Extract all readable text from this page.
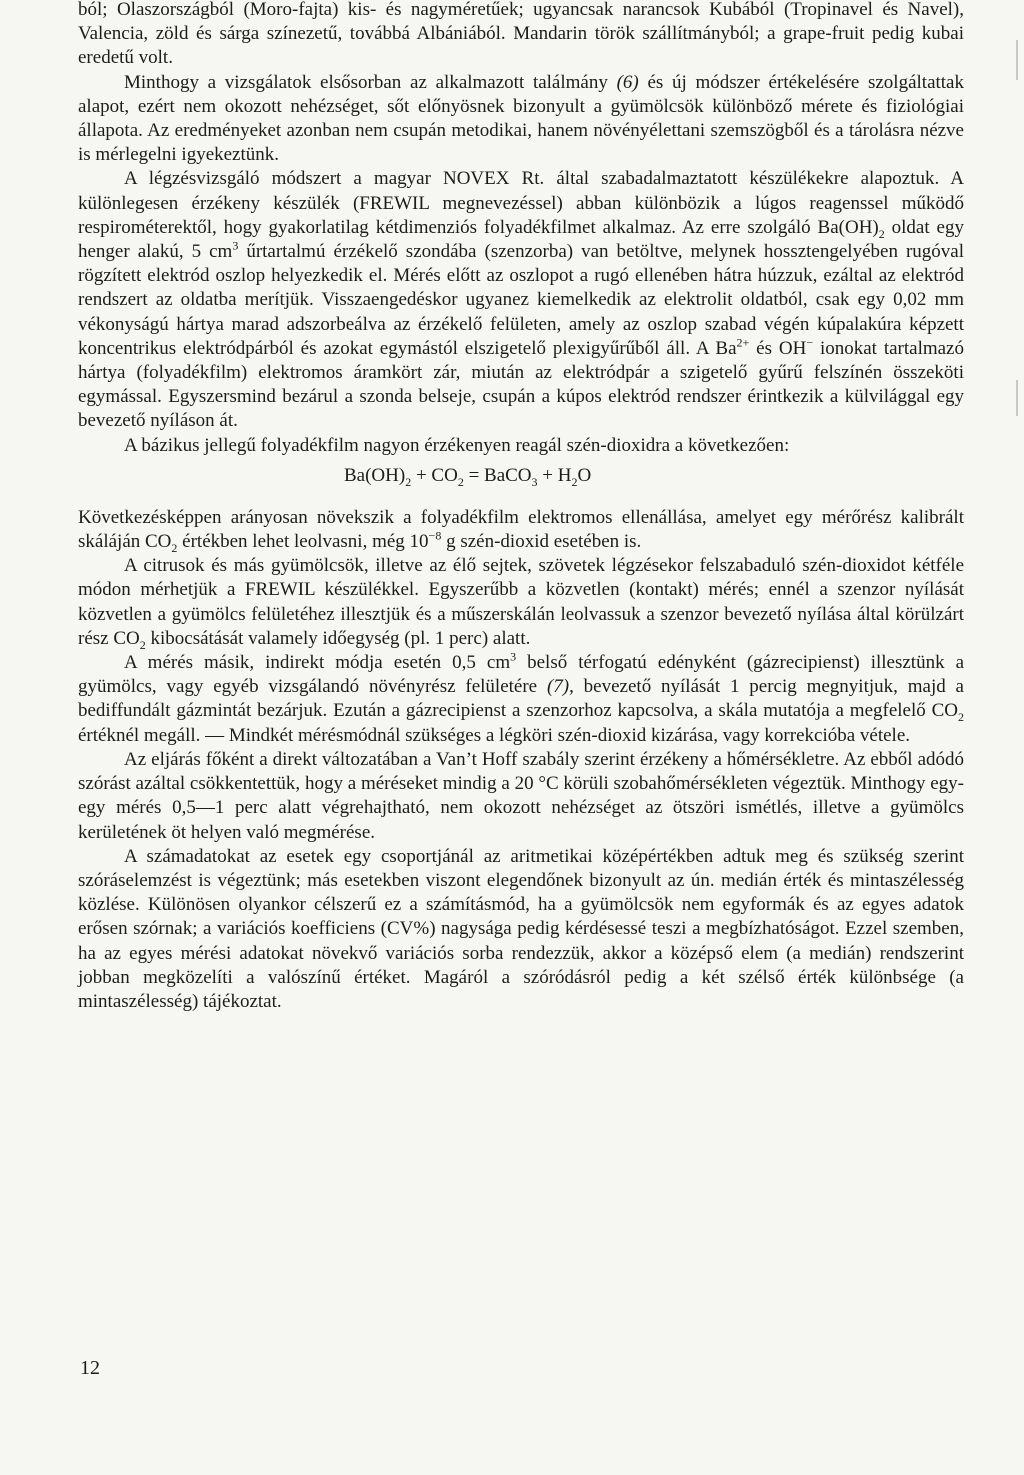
ból; Olaszországból (Moro-fajta) kis- és nagyméretűek; ugyancsak narancsok Kubából (Tropinavel és Navel), Valencia, zöld és sárga színezetű, továbbá Albániából. Mandarin török szállítmányból; a grape-fruit pedig kubai eredetű volt.

Minthogy a vizsgálatok elsősorban az alkalmazott találmány (6) és új módszer értékelésére szolgáltattak alapot, ezért nem okozott nehézséget, sőt előnyösnek bizonyult a gyümölcsök különböző mérete és fiziológiai állapota. Az eredményeket azonban nem csupán metodikai, hanem növényélettani szemszögből és a tárolásra nézve is mérlegelni igyekeztünk.

A légzésvizsgáló módszert a magyar NOVEX Rt. által szabadalmaztatott készülékekre alapoztuk. A különlegesen érzékeny készülék (FREWIL megnevezéssel) abban különbözik a lúgos reagenssel működő respirométerektől, hogy gyakorlatilag kétdimenziós folyadékfilmet alkalmaz. Az erre szolgáló $Ba(OH)_2$ oldat egy henger alakú, 5 $cm^3$ űrtartalmú érzékelő szondába (szenzorba) van betöltve, melynek hossztengelyében rugóval rögzített elektród oszlop helyezkedik el. Mérés előtt az oszlopot a rugó ellenében hátra húzzuk, ezáltal az elektród rendszert az oldatba merítjük. Visszaengedéskor ugyanez kiemelkedik az elektrolit oldatból, csak egy 0,02 mm vékonyságú hártya marad adszorbeálva az érzékelő felületen, amely az oszlop szabad végén kúpalakúra képzett koncentrikus elektródpárból és azokat egymástól elszigetelő plexigyűrűből áll. A $Ba^{2+}$ és OH− ionokat tartalmazó hártya (folyadékfilm) elektromos áramkört zár, miután az elektródpár a szigetelő gyűrű felszínén összeköti egymással. Egyszersmind bezárul a szonda belseje, csupán a kúpos elektród rendszer érintkezik a külvilággal egy bevezető nyíláson át.

A bázikus jellegű folyadékfilm nagyon érzékenyen reagál szén-dioxidra a következően:

$Ba(OH)_2 + CO_2$ = BaCO$_3$ + $H_2O$

Következésképpen arányosan növekszik a folyadékfilm elektromos ellenállása, amelyet egy mérőrész kalibrált skáláján $CO_2$ értékben lehet leolvasni, még $10^{-8}$ g szén-dioxid esetében is.

A citrusok és más gyümölcsök, illetve az élő sejtek, szövetek légzésekor felszabaduló szén-dioxidot kétféle módon mérhetjük a FREWIL készülékkel. Egyszerűbb a közvetlen (kontakt) mérés; ennél a szenzor nyílását közvetlen a gyümölcs felületéhez illesztjük és a műszerskálán leolvassuk a szenzor bevezető nyílása által körülzárt rész $CO_2$ kibocsátását valamely időegység (pl. 1 perc) alatt.

A mérés másik, indirekt módja esetén 0,5 $cm^3$ belső térfogatú edényként (gázrecipienst) illesztünk a gyümölcs, vagy egyéb vizsgálandó növényrész felületére (7), bevezető nyílását 1 percig megnyitjuk, majd a bediffundált gázmintát bezárjuk. Ezután a gázrecipienst a szenzorhoz kapcsolva, a skála mutatója a megfelelő $CO_2$ értéknél megáll. — Mindkét mérésmódnál szükséges a légköri szén-dioxid kizárása, vagy korrekcióba vétele.

Az eljárás főként a direkt változatában a Van’t Hoff szabály szerint érzékeny a hőmérsékletre. Az ebből adódó szórást azáltal csökkentettük, hogy a méréseket mindig a 20 °C körüli szobahőmérsékleten végeztük. Minthogy egy-egy mérés 0,5—1 perc alatt végrehajtható, nem okozott nehézséget az ötszöri ismétlés, illetve a gyümölcs kerületének öt helyen való megmérése.

A számadatokat az esetek egy csoportjánál az aritmetikai középértékben adtuk meg és szükség szerint szóráselemzést is végeztünk; más esetekben viszont elegendőnek bizonyult az ún. medián érték és mintaszélesség közlése. Különösen olyankor célszerű ez a számításmód, ha a gyümölcsök nem egyformák és az egyes adatok erősen szórnak; a variációs koefficiens (CV%) nagysága pedig kérdésessé teszi a megbízhatóságot. Ezzel szemben, ha az egyes mérési adatokat növekvő variációs sorba rendezzük, akkor a középső elem (a medián) rendszerint jobban megközelíti a valószínű értéket. Magáról a szóródásról pedig a két szélső érték különbsége (a mintaszélesség) tájékoztat.

12
